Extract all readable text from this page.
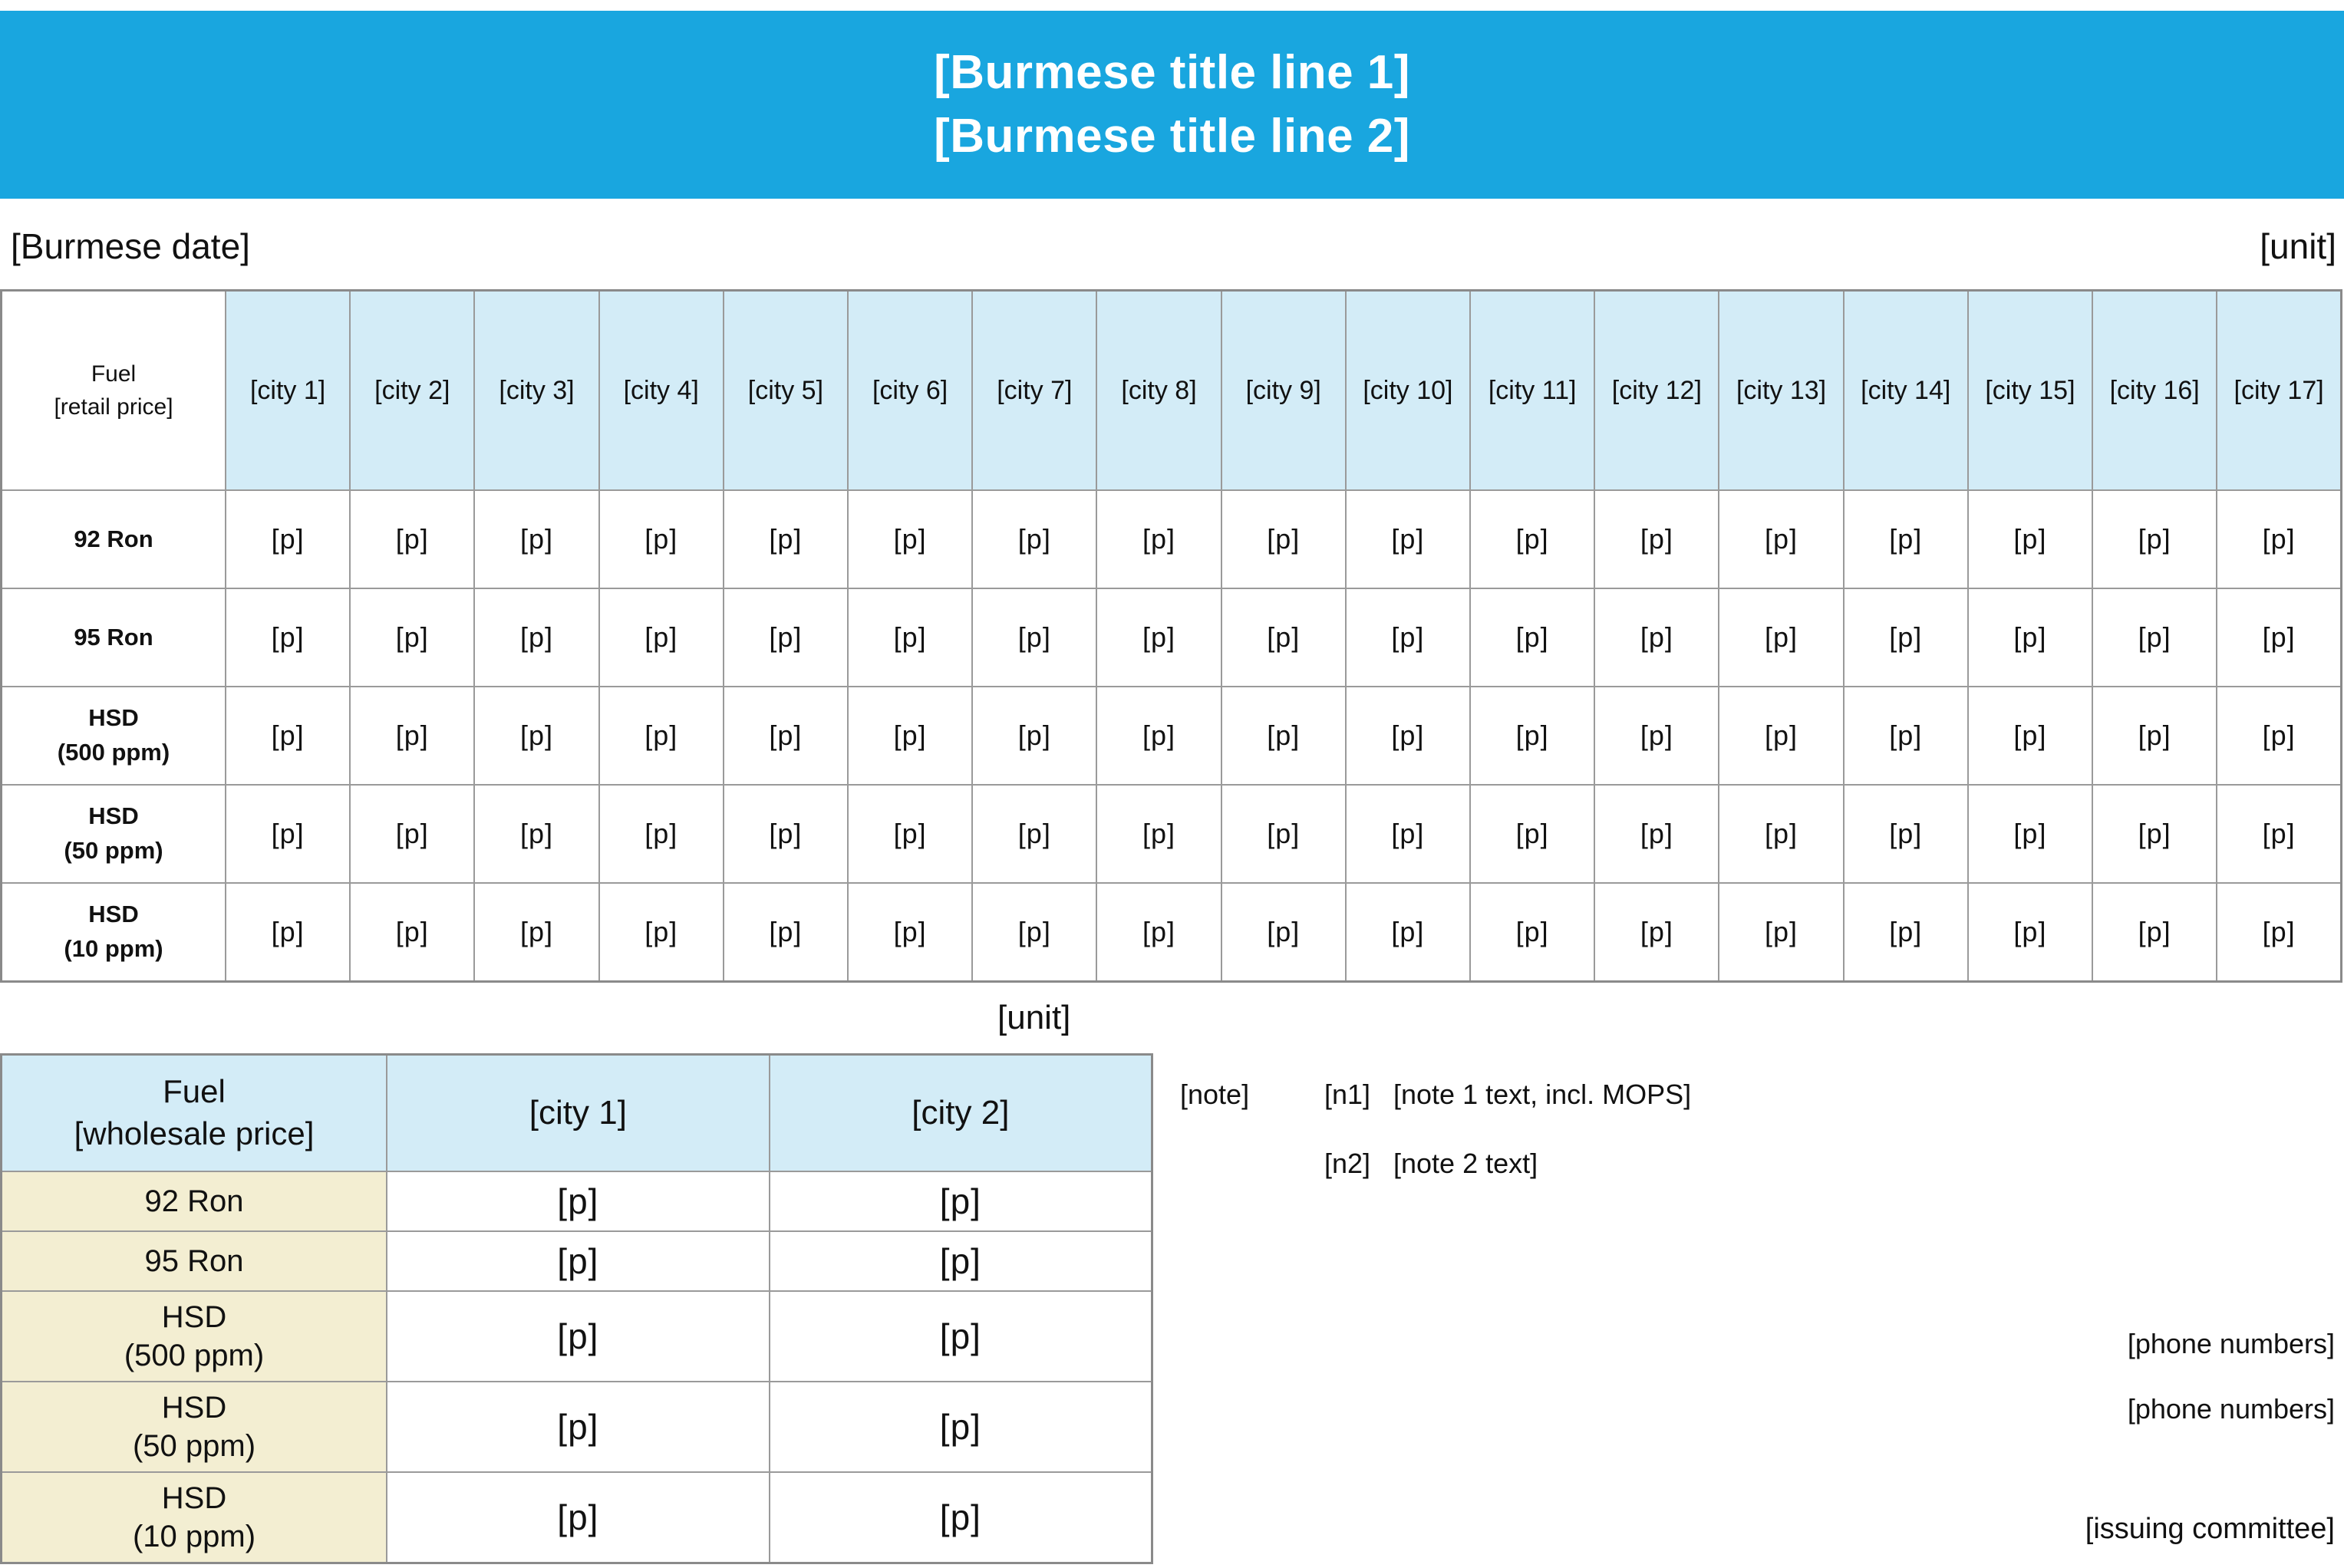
[Burmese title line 1]
[Burmese title line 2]
[Burmese date]	[unit]
Fuel
[retail price]	[city 1]	[city 2]	[city 3]	[city 4]	[city 5]	[city 6]	[city 7]	[city 8]	[city 9]	[city 10]	[city 11]	[city 12]	[city 13]	[city 14]	[city 15]	[city 16]	[city 17]

92 Ron	[p]	[p]	[p]	[p]	[p]	[p]	[p]	[p]	[p]	[p]	[p]	[p]	[p]	[p]	[p]	[p]	[p]

95 Ron	[p]	[p]	[p]	[p]	[p]	[p]	[p]	[p]	[p]	[p]	[p]	[p]	[p]	[p]	[p]	[p]	[p]

HSD
(500 ppm)	[p]	[p]	[p]	[p]	[p]	[p]	[p]	[p]	[p]	[p]	[p]	[p]	[p]	[p]	[p]	[p]	[p]

HSD
(50 ppm)	[p]	[p]	[p]	[p]	[p]	[p]	[p]	[p]	[p]	[p]	[p]	[p]	[p]	[p]	[p]	[p]	[p]

HSD
(10 ppm)	[p]	[p]	[p]	[p]	[p]	[p]	[p]	[p]	[p]	[p]	[p]	[p]	[p]	[p]	[p]	[p]	[p]
[unit]
Fuel
[wholesale price]	[city 1]	[city 2]

92 Ron	[p]	[p]

95 Ron	[p]	[p]

HSD
(500 ppm)	[p]	[p]

HSD
(50 ppm)	[p]	[p]

HSD
(10 ppm)	[p]	[p]
[note]	[n1] [note 1 text, incl. MOPS]
[n2] [note 2 text]
[phone numbers]
[phone numbers]
[issuing committee]
